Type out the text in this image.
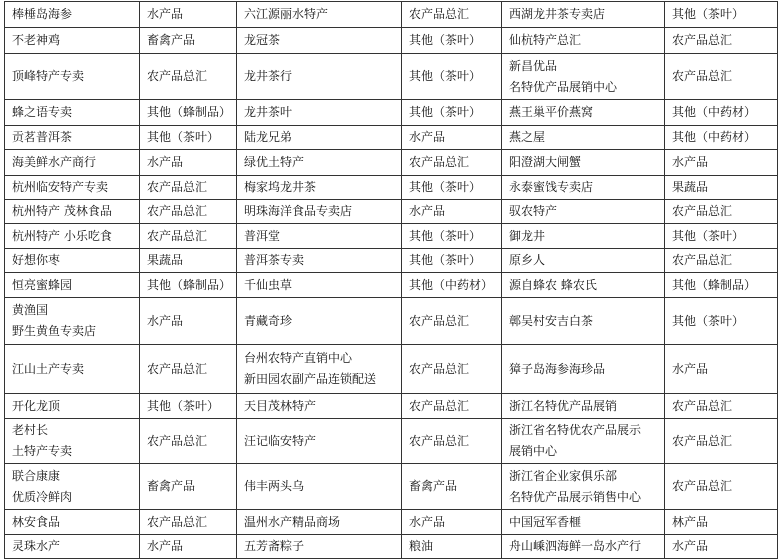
棒棰岛海参	水产品	六江源丽水特产	农产品总汇	西湖龙井茶专卖店	其他（茶叶）

不老神鸡	畜禽产品	龙冠茶	其他（茶叶）	仙杭特产总汇	农产品总汇

顶峰特产专卖	农产品总汇	龙井茶行	其他（茶叶）	新昌优品
名特优产品展销中心	农产品总汇

蜂之语专卖	其他（蜂制品）	龙井茶叶	其他（茶叶）	燕王巢平价燕窝	其他（中药材）

贡茗普洱茶	其他（茶叶）	陆龙兄弟	水产品	燕之屋	其他（中药材）

海美鲜水产商行	水产品	绿优土特产	农产品总汇	阳澄湖大闸蟹	水产品

杭州临安特产专卖	农产品总汇	梅家坞龙井茶	其他（茶叶）	永泰蜜饯专卖店	果蔬品

杭州特产 茂林食品	农产品总汇	明珠海洋食品专卖店	水产品	驭农特产	农产品总汇

杭州特产 小乐吃食	农产品总汇	普洱堂	其他（茶叶）	御龙井	其他（茶叶）

好想你枣	果蔬品	普洱茶专卖	其他（茶叶）	原乡人	农产品总汇

恒亮蜜蜂园	其他（蜂制品）	千仙虫草	其他（中药材）	源自蜂农 蜂农氏	其他（蜂制品）

黄渔国
野生黄鱼专卖店	水产品	青藏奇珍	农产品总汇	鄣吴村安吉白茶	其他（茶叶）

江山土产专卖	农产品总汇	台州农特产直销中心
新田园农副产品连锁配送	农产品总汇	獐子岛海参海珍品	水产品

开化龙顶	其他（茶叶）	天目茂林特产	农产品总汇	浙江名特优产品展销	农产品总汇

老村长
土特产专卖	农产品总汇	汪记临安特产	农产品总汇	浙江省名特优农产品展示
展销中心	农产品总汇

联合康康
优质冷鲜肉	畜禽产品	伟丰两头乌	畜禽产品	浙江省企业家俱乐部
名特优产品展示销售中心	农产品总汇

林安食品	农产品总汇	温州水产精品商场	水产品	中国冠军香榧	林产品

灵珠水产	水产品	五芳斋粽子	粮油	舟山嵊泗海鲜一岛水产行	水产品
